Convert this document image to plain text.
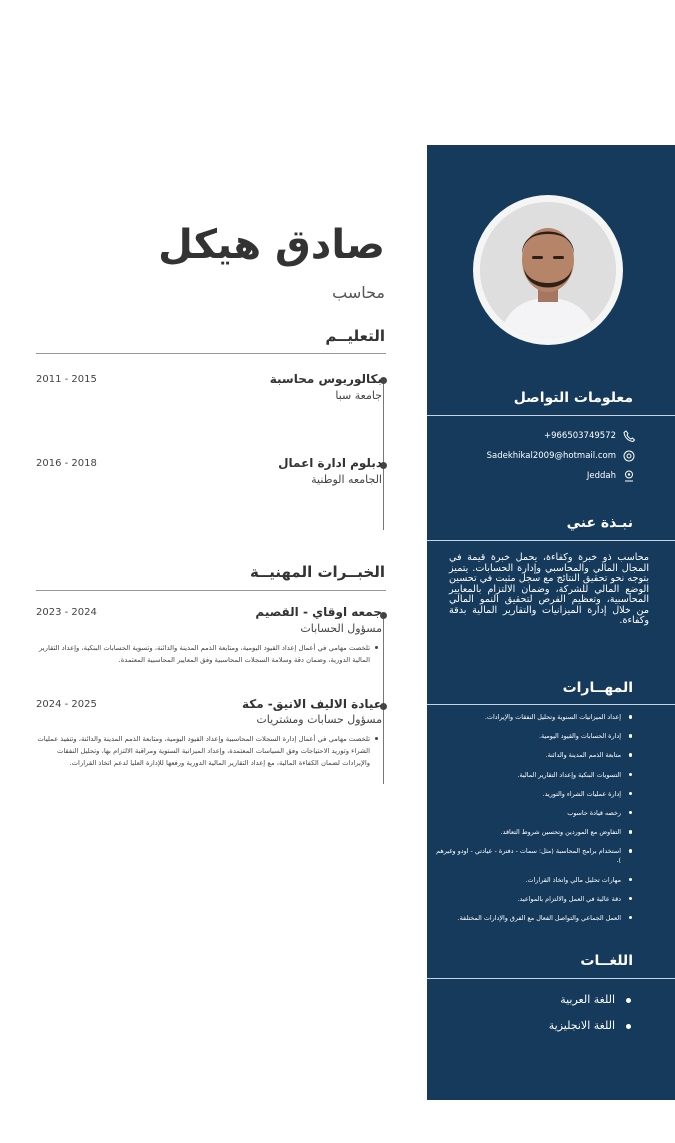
صادق هيكل
محاسب
التعليــم
بكالوريوس محاسبة
جامعة سبا
2011 - 2015
دبلوم ادارة اعمال
الجامعه الوطنية
2016 - 2018
الخبــرات المهنيــة
جمعه اوقاي - القصيم
مسؤول الحسابات
2023 - 2024
تلخصت مهامي في أعمال إعداد القيود اليومية، ومتابعة الذمم المدينة والدائنة، وتسوية الحسابات البنكية، وإعداد التقارير المالية الدورية، وضمان دقة وسلامة السجلات المحاسبية وفق المعايير المحاسبية المعتمدة.
عيادة الاليف الانيق- مكة
مسؤول حسابات ومشتريات
2024 - 2025
تلخصت مهامي في أعمال إدارة السجلات المحاسبية وإعداد القيود اليومية، ومتابعة الذمم المدينة والدائنة، وتنفيذ عمليات الشراء وتوريد الاحتياجات وفق السياسات المعتمدة، وإعداد الميزانية السنوية ومراقبة الالتزام بها، وتحليل النفقات والإيرادات لضمان الكفاءة المالية، مع إعداد التقارير المالية الدورية ورفعها للإدارة العليا لدعم اتخاذ القرارات.
معلومات التواصل
+966503749572
Sadekhikal2009@hotmail.com
Jeddah
نبـذة عني
محاسب ذو خبرة وكفاءة، يحمل خبرة قيمة في المجال المالي والمحاسبي وإدارة الحسابات. يتميز بتوجه نحو تحقيق النتائج مع سجل مثبت في تحسين الوضع المالي للشركة، وضمان الالتزام بالمعايير المحاسبية، وتعظيم الفرص لتحقيق النمو المالي من خلال إدارة الميزانيات والتقارير المالية بدقة وكفاءة.
المهــارات
إعداد الميزانيات السنوية وتحليل النفقات والإيرادات.
إدارة الحسابات والقيود اليومية.
متابعة الذمم المدينة والدائنة.
التسويات البنكية وإعداد التقارير المالية.
إدارة عمليات الشراء والتوريد.
رخصه قيادة حاسوب
التفاوض مع الموردين وتحسين شروط التعاقد.
استخدام برامج المحاسبة (مثل: سمات - دفترة - عيادتي - اودو وغيرهم ).
مهارات تحليل مالي واتخاذ القرارات.
دقة عالية في العمل والالتزام بالمواعيد.
العمل الجماعي والتواصل الفعال مع الفرق والإدارات المختلفة.
اللغــات
اللغة العربية
اللغة الانجليزية
